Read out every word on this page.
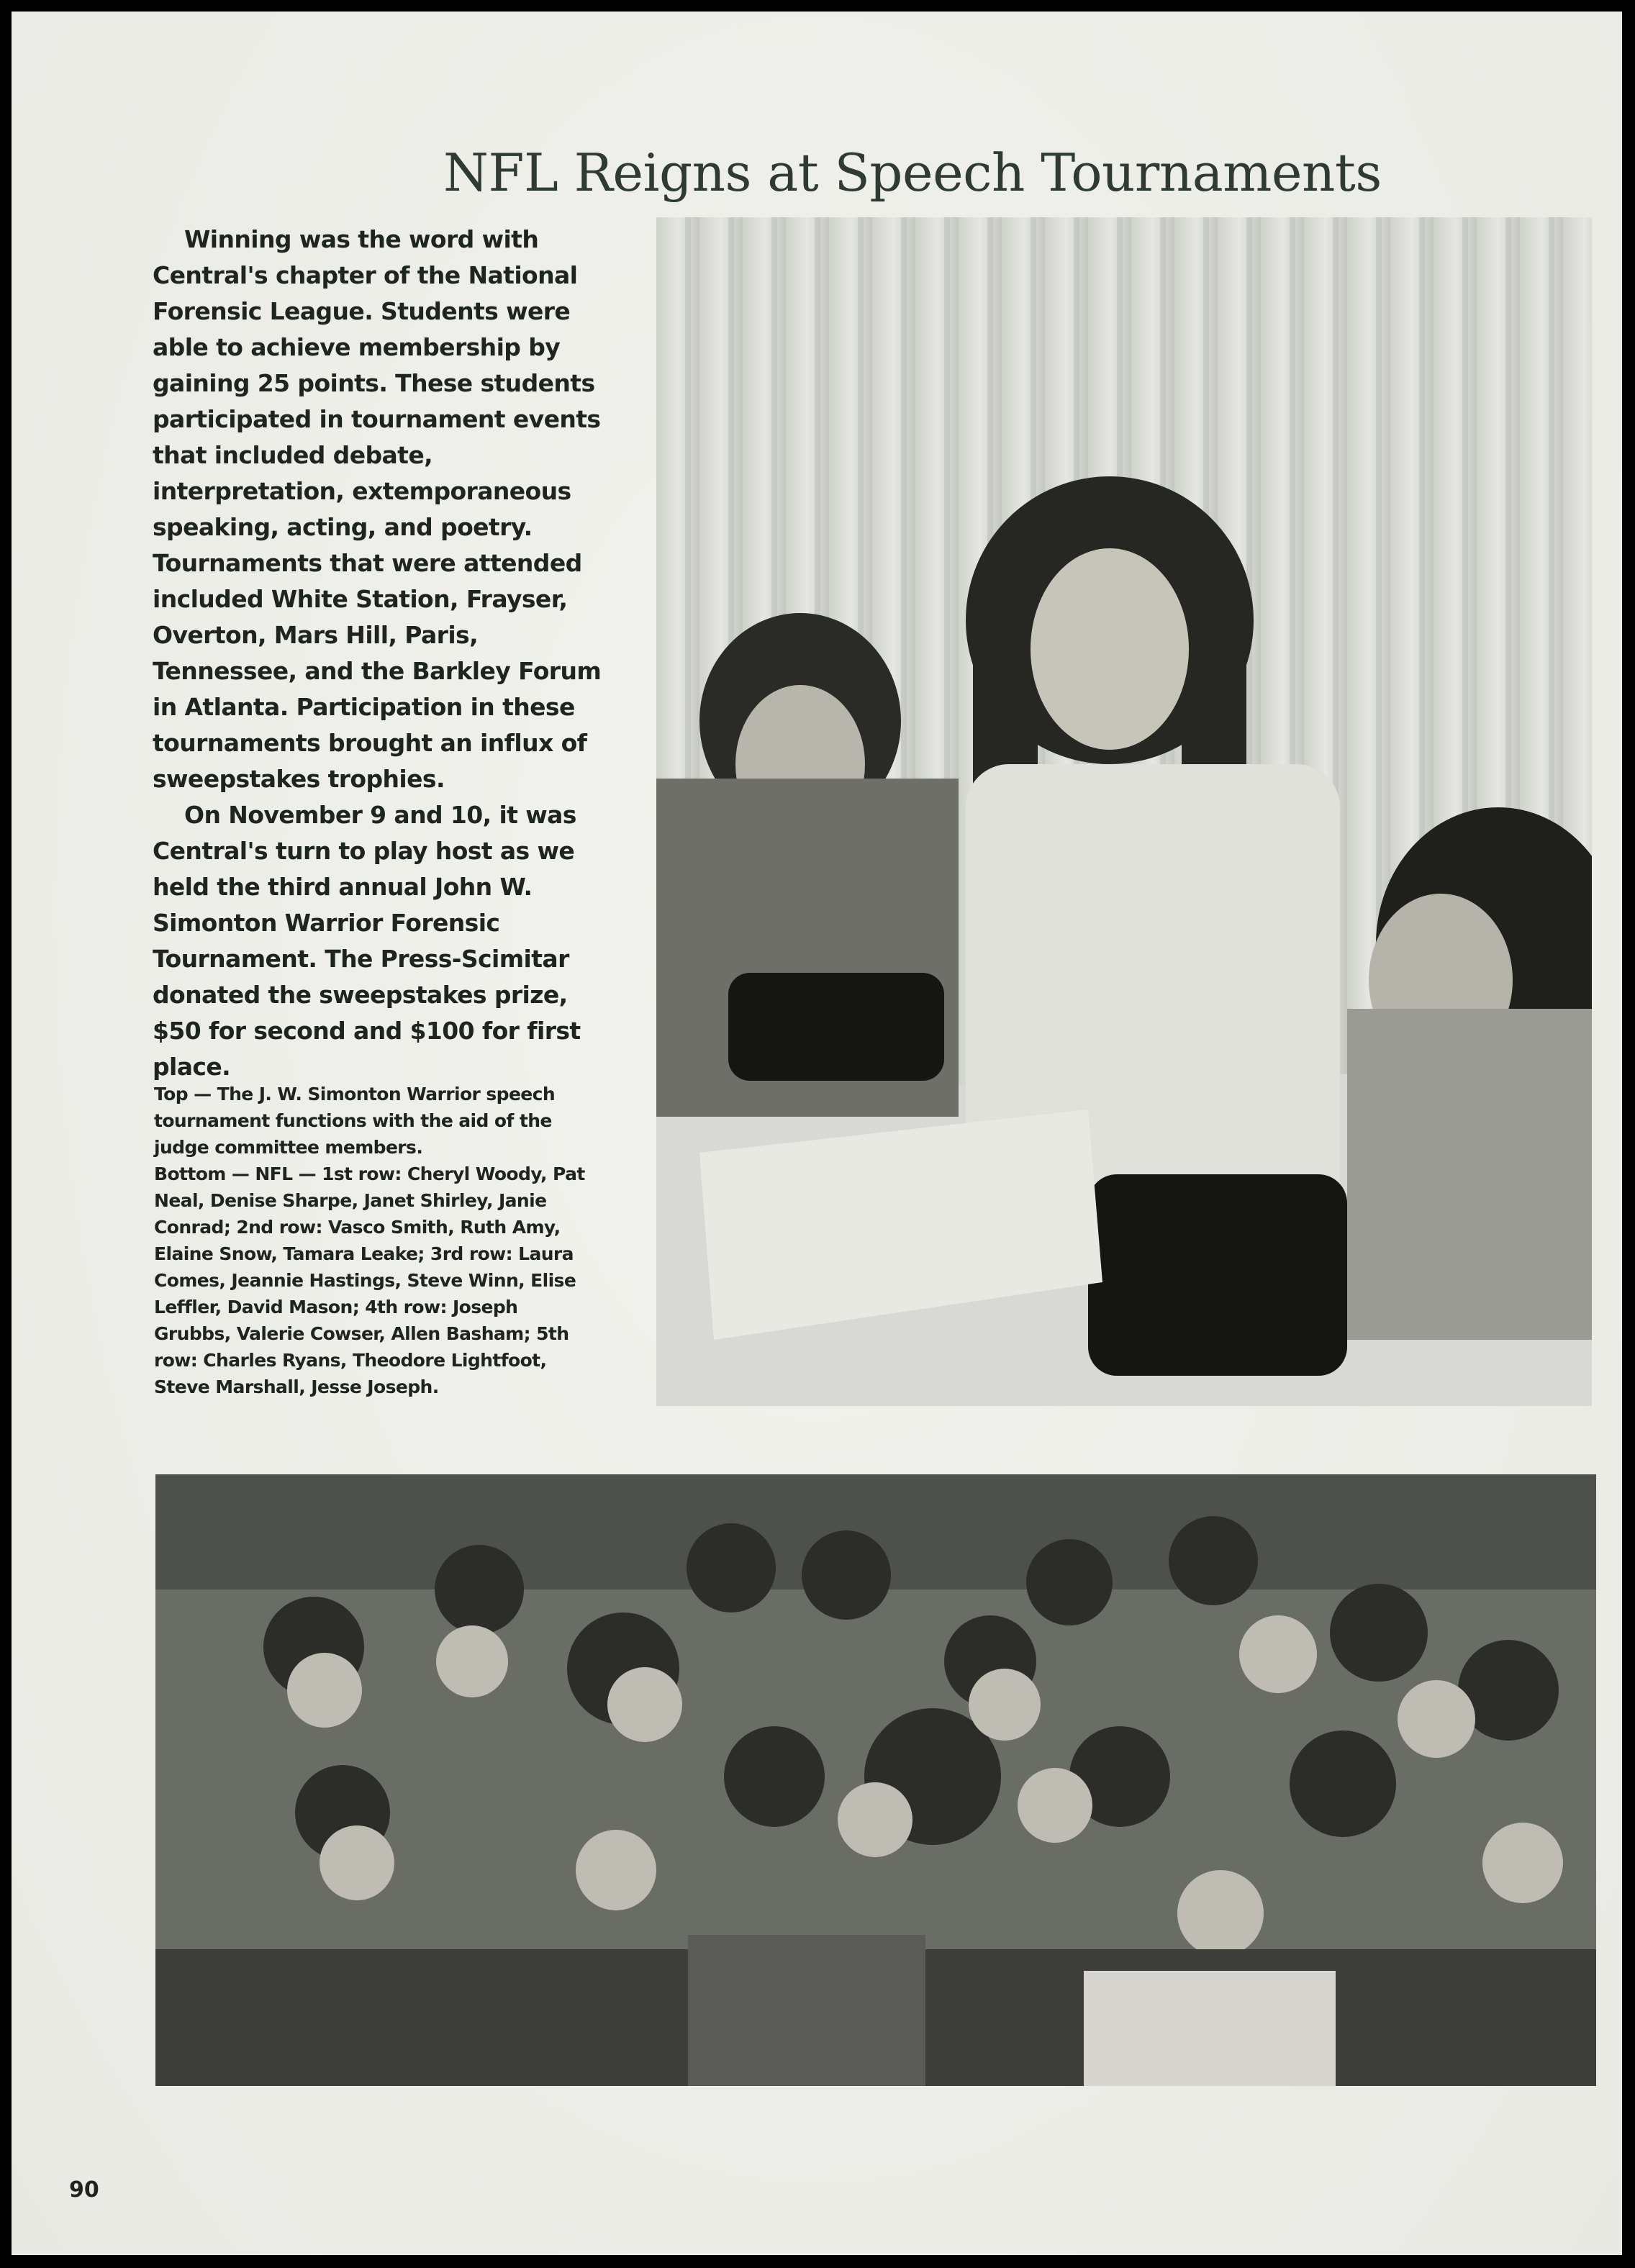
NFL Reigns at Speech Tournaments

Winning was the word with Central's chapter of the National Forensic League. Students were able to achieve membership by gaining 25 points. These students participated in tournament events that included debate, interpretation, extemporaneous speaking, acting, and poetry. Tournaments that were attended included White Station, Frayser, Overton, Mars Hill, Paris, Tennessee, and the Barkley Forum in Atlanta. Participation in these tournaments brought an influx of sweepstakes trophies.

On November 9 and 10, it was Central's turn to play host as we held the third annual John W. Simonton Warrior Forensic Tournament. The Press-Scimitar donated the sweepstakes prize, $50 for second and $100 for first place.

Top — The J. W. Simonton Warrior speech tournament functions with the aid of the judge committee members.

Bottom — NFL — 1st row: Cheryl Woody, Pat Neal, Denise Sharpe, Janet Shirley, Janie Conrad; 2nd row: Vasco Smith, Ruth Amy, Elaine Snow, Tamara Leake; 3rd row: Laura Comes, Jeannie Hastings, Steve Winn, Elise Leffler, David Mason; 4th row: Joseph Grubbs, Valerie Cowser, Allen Basham; 5th row: Charles Ryans, Theodore Lightfoot, Steve Marshall, Jesse Joseph.

90
